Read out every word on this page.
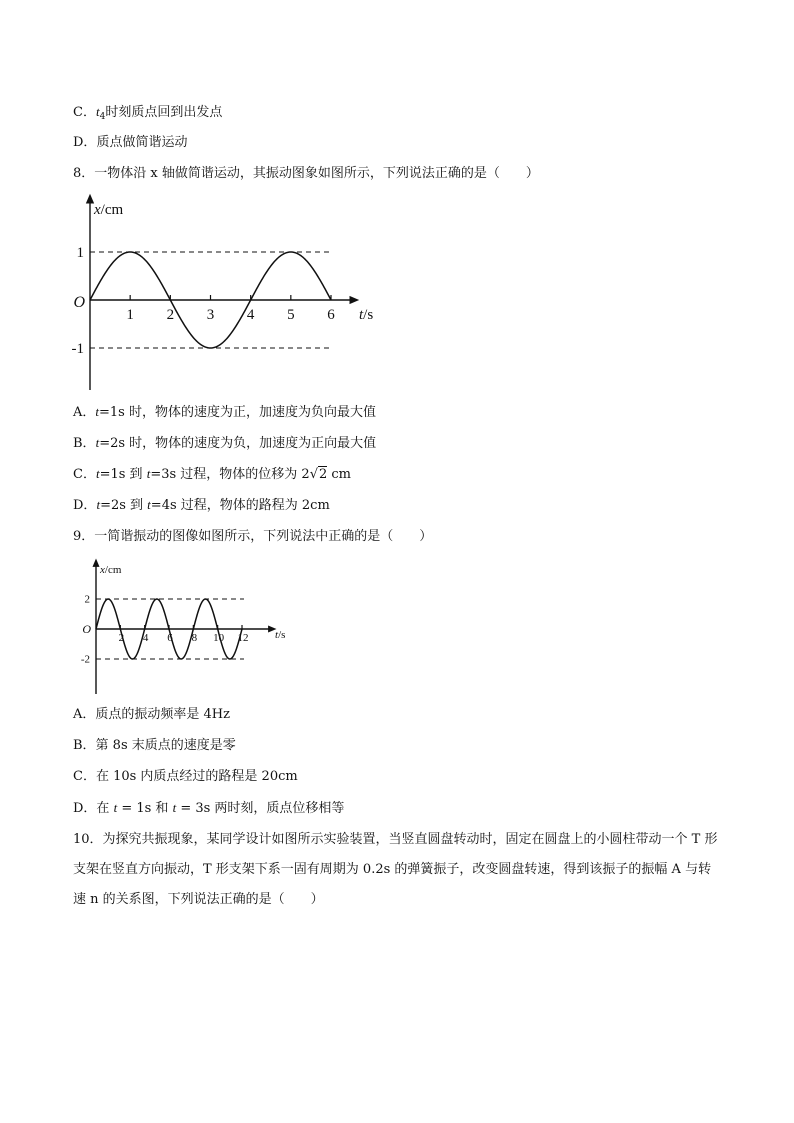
C．$t_4$时刻质点回到出发点
D．质点做简谐运动
8．一物体沿 x 轴做简谐运动，其振动图象如图所示，下列说法正确的是（　　）
1 2 3 4 5 6
1
-1
O
x/cm
t/s
A．t=1s 时，物体的速度为正，加速度为负向最大值
B．t=2s 时，物体的速度为负，加速度为正向最大值
C．t=1s 到 t=3s 过程，物体的位移为 2√2 cm
D．t=2s 到 t=4s 过程，物体的路程为 2cm
9．一简谐振动的图像如图所示，下列说法中正确的是（　　）
2 4 6 8 10 12
2
-2
O
x/cm
t/s
A．质点的振动频率是 4Hz
B．第 8s 末质点的速度是零
C．在 10s 内质点经过的路程是 20cm
D．在 t = 1s 和 t = 3s 两时刻，质点位移相等
10．为探究共振现象，某同学设计如图所示实验装置，当竖直圆盘转动时，固定在圆盘上的小圆柱带动一个 T 形支架在竖直方向振动，T 形支架下系一固有周期为 0.2s 的弹簧振子，改变圆盘转速，得到该振子的振幅 A 与转速 n 的关系图，下列说法正确的是（　　）
